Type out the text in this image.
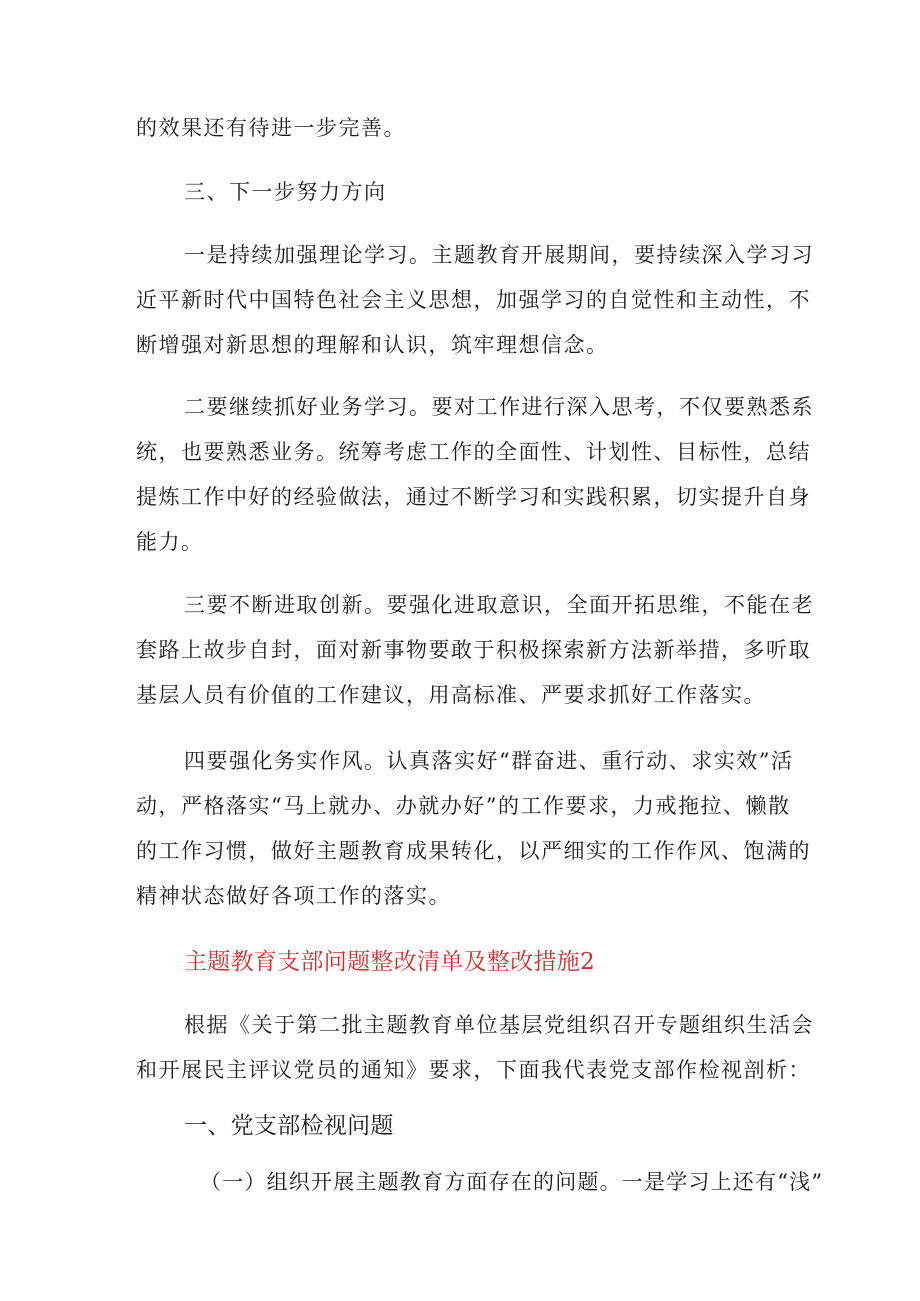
的效果还有待进一步完善。
三、下一步努力方向
一是持续加强理论学习。主题教育开展期间，要持续深入学习习
近平新时代中国特色社会主义思想，加强学习的自觉性和主动性，不
断增强对新思想的理解和认识，筑牢理想信念。
二要继续抓好业务学习。要对工作进行深入思考，不仅要熟悉系
统，也要熟悉业务。统筹考虑工作的全面性、计划性、目标性，总结
提炼工作中好的经验做法，通过不断学习和实践积累，切实提升自身
能力。
三要不断进取创新。要强化进取意识，全面开拓思维，不能在老
套路上故步自封，面对新事物要敢于积极探索新方法新举措，多听取
基层人员有价值的工作建议，用高标准、严要求抓好工作落实。
四要强化务实作风。认真落实好“群奋进、重行动、求实效”活
动，严格落实“马上就办、办就办好”的工作要求，力戒拖拉、懒散
的工作习惯，做好主题教育成果转化，以严细实的工作作风、饱满的
精神状态做好各项工作的落实。
主题教育支部问题整改清单及整改措施2
根据《关于第二批主题教育单位基层党组织召开专题组织生活会
和开展民主评议党员的通知》要求，下面我代表党支部作检视剖析：
一、党支部检视问题
（一）组织开展主题教育方面存在的问题。一是学习上还有“浅”
